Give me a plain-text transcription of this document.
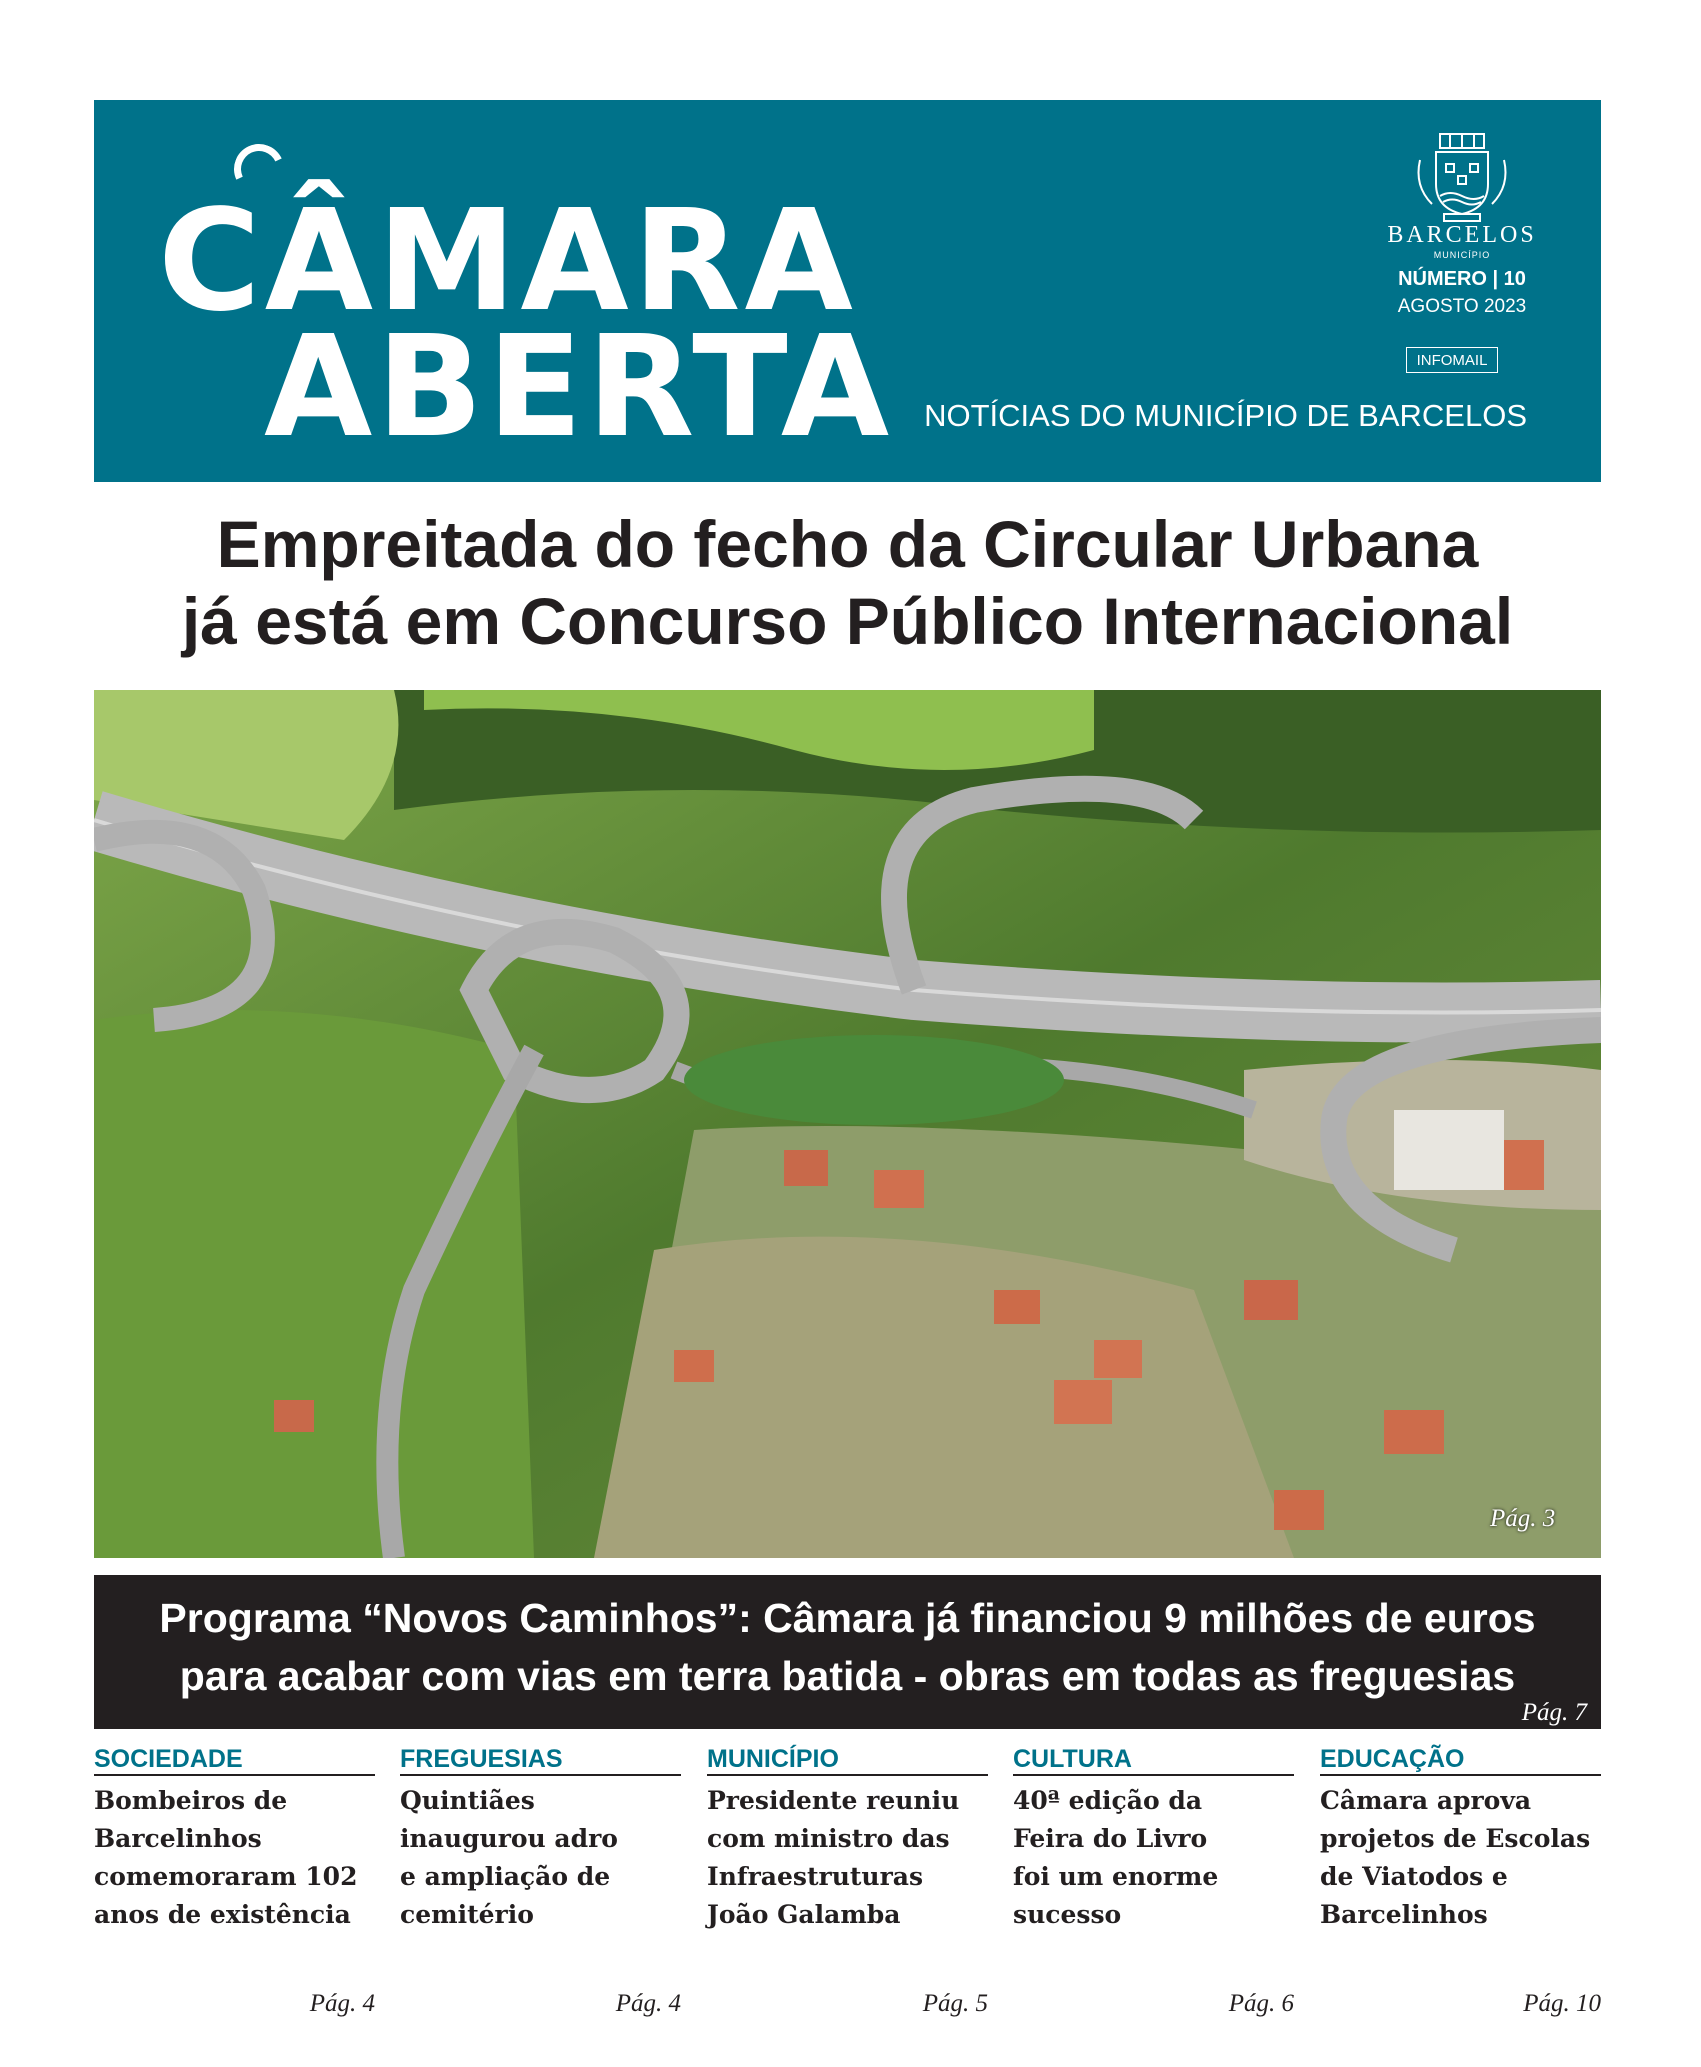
CÂMARA
ABERTA
BARCELOS
MUNICÍPIO
NÚMERO | 10
AGOSTO 2023
INFOMAIL
NOTÍCIAS DO MUNICÍPIO DE BARCELOS
Empreitada do fecho da Circular Urbana
já está em Concurso Público Internacional
Pág. 3
Programa “Novos Caminhos”: Câmara já financiou 9 milhões de euros
para acabar com vias em terra batida - obras em todas as freguesias
Pág. 7
SOCIEDADE
Bombeiros de
Barcelinhos
comemoraram 102
anos de existência
Pág. 4
FREGUESIAS
Quintiães
inaugurou adro
e ampliação de
cemitério
Pág. 4
MUNICÍPIO
Presidente reuniu
com ministro das
Infraestruturas
João Galamba
Pág. 5
CULTURA
40ª edição da
Feira do Livro
foi um enorme
sucesso
Pág. 6
EDUCAÇÃO
Câmara aprova
projetos de Escolas
de Viatodos e
Barcelinhos
Pág. 10
